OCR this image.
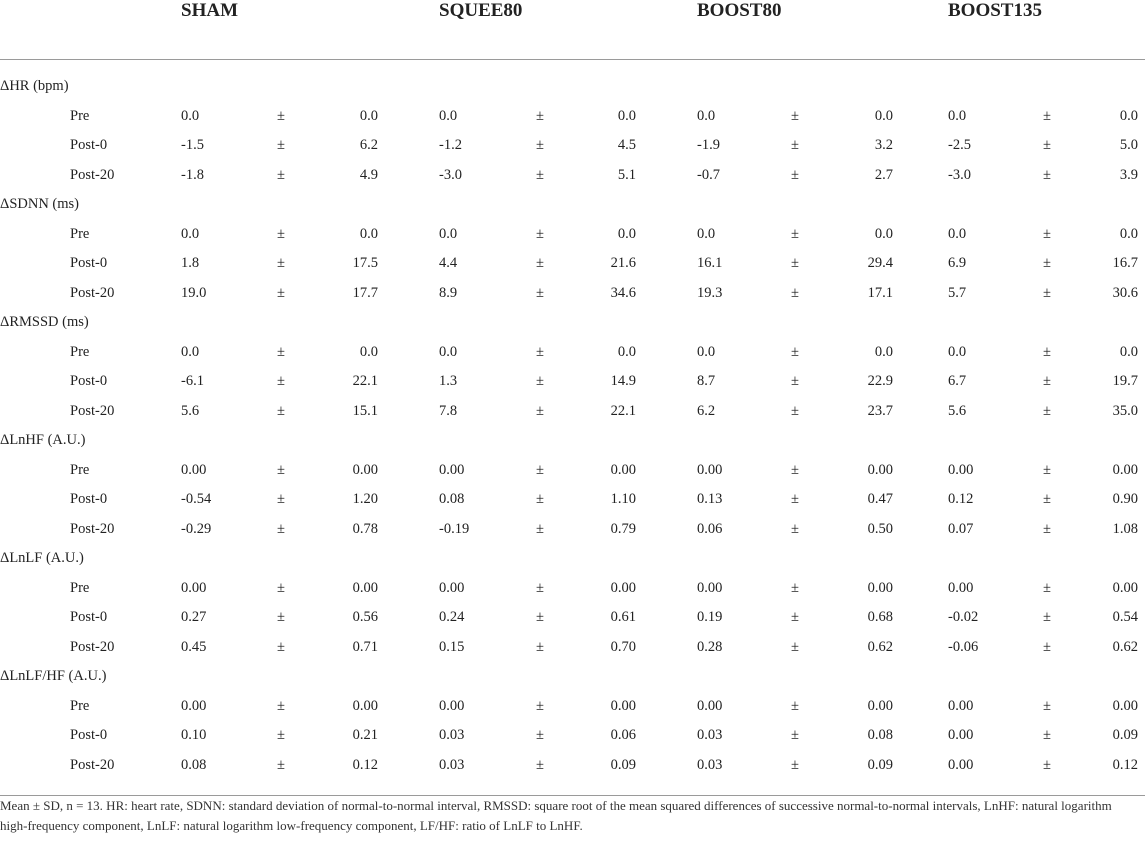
SHAM	SQUEE80	BOOST80	BOOST135
ΔHR (bpm)
Pre	0.0	±	0.0	0.0	±	0.0	0.0	±	0.0	0.0	±	0.0
Post-0	-1.5	±	6.2	-1.2	±	4.5	-1.9	±	3.2	-2.5	±	5.0
Post-20	-1.8	±	4.9	-3.0	±	5.1	-0.7	±	2.7	-3.0	±	3.9
ΔSDNN (ms)
Pre	0.0	±	0.0	0.0	±	0.0	0.0	±	0.0	0.0	±	0.0
Post-0	1.8	±	17.5	4.4	±	21.6	16.1	±	29.4	6.9	±	16.7
Post-20	19.0	±	17.7	8.9	±	34.6	19.3	±	17.1	5.7	±	30.6
ΔRMSSD (ms)
Pre	0.0	±	0.0	0.0	±	0.0	0.0	±	0.0	0.0	±	0.0
Post-0	-6.1	±	22.1	1.3	±	14.9	8.7	±	22.9	6.7	±	19.7
Post-20	5.6	±	15.1	7.8	±	22.1	6.2	±	23.7	5.6	±	35.0
ΔLnHF (A.U.)
Pre	0.00	±	0.00	0.00	±	0.00	0.00	±	0.00	0.00	±	0.00
Post-0	-0.54	±	1.20	0.08	±	1.10	0.13	±	0.47	0.12	±	0.90
Post-20	-0.29	±	0.78	-0.19	±	0.79	0.06	±	0.50	0.07	±	1.08
ΔLnLF (A.U.)
Pre	0.00	±	0.00	0.00	±	0.00	0.00	±	0.00	0.00	±	0.00
Post-0	0.27	±	0.56	0.24	±	0.61	0.19	±	0.68	-0.02	±	0.54
Post-20	0.45	±	0.71	0.15	±	0.70	0.28	±	0.62	-0.06	±	0.62
ΔLnLF/HF (A.U.)
Pre	0.00	±	0.00	0.00	±	0.00	0.00	±	0.00	0.00	±	0.00
Post-0	0.10	±	0.21	0.03	±	0.06	0.03	±	0.08	0.00	±	0.09
Post-20	0.08	±	0.12	0.03	±	0.09	0.03	±	0.09	0.00	±	0.12
Mean ± SD, n = 13. HR: heart rate, SDNN: standard deviation of normal-to-normal interval, RMSSD: square root of the mean squared differences of successive normal-to-normal intervals, LnHF: natural logarithm high-frequency component, LnLF: natural logarithm low-frequency component, LF/HF: ratio of LnLF to LnHF.
